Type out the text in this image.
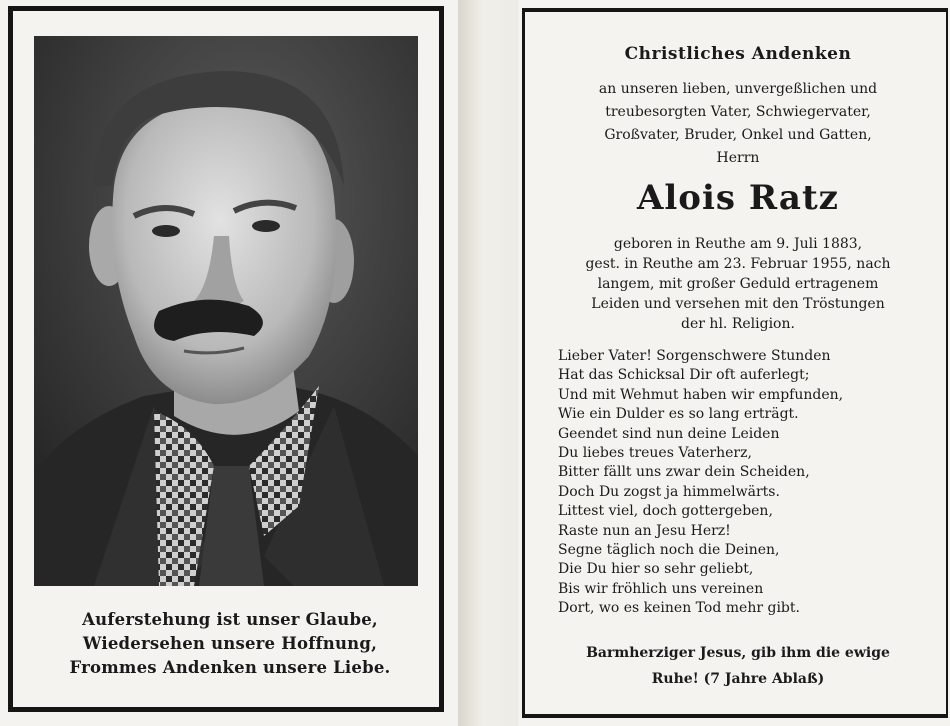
Auferstehung ist unser Glaube,
Wiedersehen unsere Hoffnung,
Frommes Andenken unsere Liebe.
Christliches Andenken
an unseren lieben, unvergeßlichen und
treubesorgten Vater, Schwiegervater,
Großvater, Bruder, Onkel und Gatten,
Herrn
Alois Ratz
geboren in Reuthe am 9. Juli 1883,
gest. in Reuthe am 23. Februar 1955, nach
langem, mit großer Geduld ertragenem
Leiden und versehen mit den Tröstungen
der hl. Religion.
Lieber Vater! Sorgenschwere Stunden
Hat das Schicksal Dir oft auferlegt;
Und mit Wehmut haben wir empfunden,
Wie ein Dulder es so lang erträgt.
Geendet sind nun deine Leiden
Du liebes treues Vaterherz,
Bitter fällt uns zwar dein Scheiden,
Doch Du zogst ja himmelwärts.
Littest viel, doch gottergeben,
Raste nun an Jesu Herz!
Segne täglich noch die Deinen,
Die Du hier so sehr geliebt,
Bis wir fröhlich uns vereinen
Dort, wo es keinen Tod mehr gibt.
Barmherziger Jesus, gib ihm die ewige
Ruhe! (7 Jahre Ablaß)
